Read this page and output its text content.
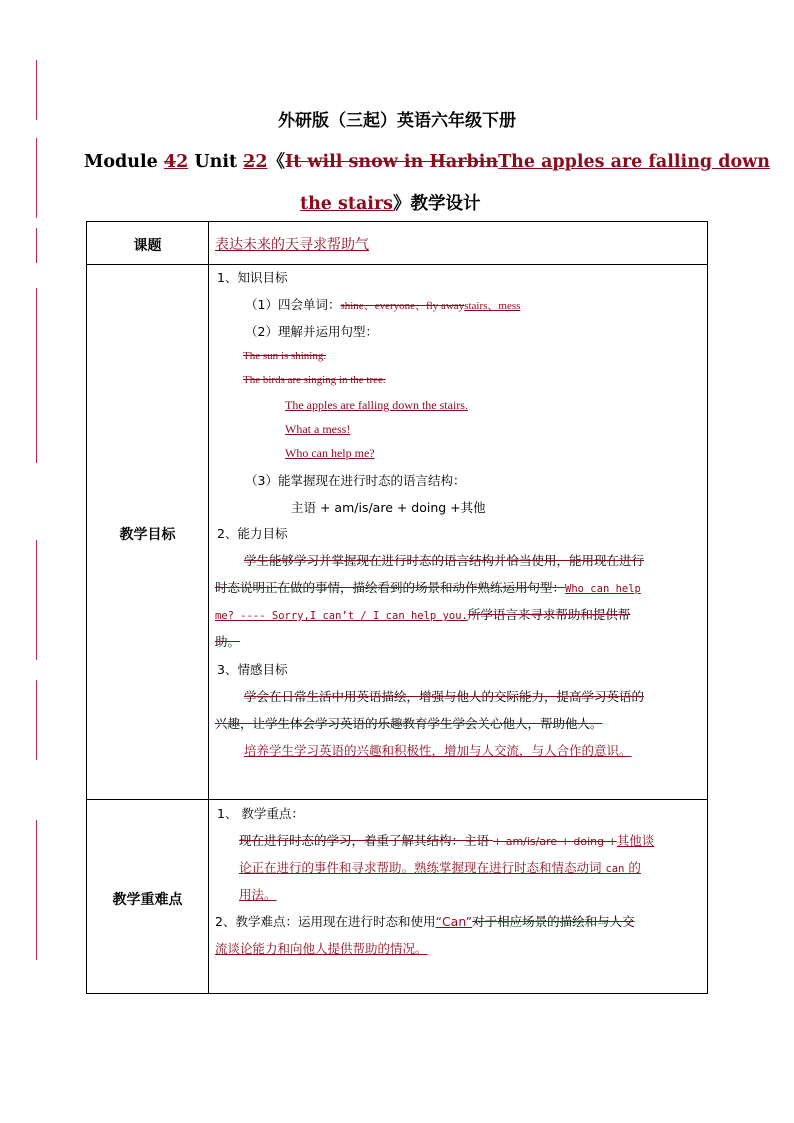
外研版（三起）英语六年级下册
Module 42 Unit 22《It will snow in HarbinThe apples are falling down
the stairs》教学设计
课题	表达未来的天寻求帮助气
教学目标
1、知识目标
（1）四会单词：shine、everyone、fly awaystairs、mess
（2）理解并运用句型：
The sun is shining.
The birds are singing in the tree.
The apples are falling down the stairs.
What a mess!
Who can help me?
（3）能掌握现在进行时态的语言结构：
主语 + am/is/are + doing +其他
2、能力目标
学生能够学习并掌握现在进行时态的语言结构并恰当使用，能用现在进行
时态说明正在做的事情，描绘看到的场景和动作熟练运用句型：Who can help
me? ---- Sorry,I can’t / I can help you.所学语言来寻求帮助和提供帮
助。
3、情感目标
学会在日常生活中用英语描绘，增强与他人的交际能力，提高学习英语的
兴趣，让学生体会学习英语的乐趣教育学生学会关心他人，帮助他人。
培养学生学习英语的兴趣和积极性，增加与人交流，与人合作的意识。
教学重难点
1、 教学重点：
现在进行时态的学习，着重了解其结构：主语 + am/is/are + doing +其他谈
论正在进行的事件和寻求帮助。熟练掌握现在进行时态和情态动词 can 的
用法。
2、教学难点：运用现在进行时态和使用“Can”对于相应场景的描绘和与人交
流谈论能力和向他人提供帮助的情况。
